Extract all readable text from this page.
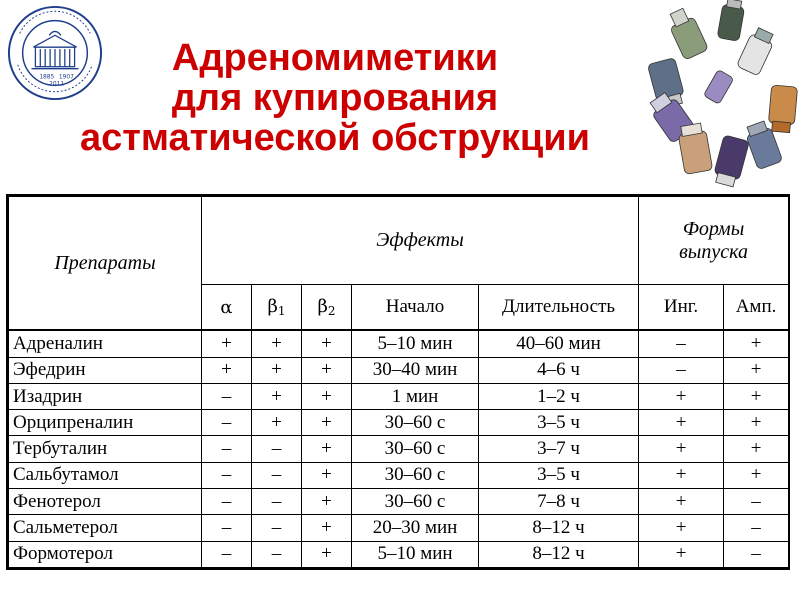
1885 1907
2011
Адреномиметики
для купирования
астматической обструкции
Препараты	Эффекты					Формы
выпуска	

	α	$\beta_1$	$\beta_2$	Начало	Длительность	Инг.	Амп.
Адреналин	+	+	+	5–10 мин	40–60 мин	–	+
Эфедрин	+	+	+	30–40 мин	4–6 ч	–	+
Изадрин	–	+	+	1 мин	1–2 ч	+	+
Орципреналин	–	+	+	30–60 с	3–5 ч	+	+
Тербуталин	–	–	+	30–60 с	3–7 ч	+	+
Сальбутамол	–	–	+	30–60 с	3–5 ч	+	+
Фенотерол	–	–	+	30–60 с	7–8 ч	+	–
Сальметерол	–	–	+	20–30 мин	8–12 ч	+	–
Формотерол	–	–	+	5–10 мин	8–12 ч	+	–
